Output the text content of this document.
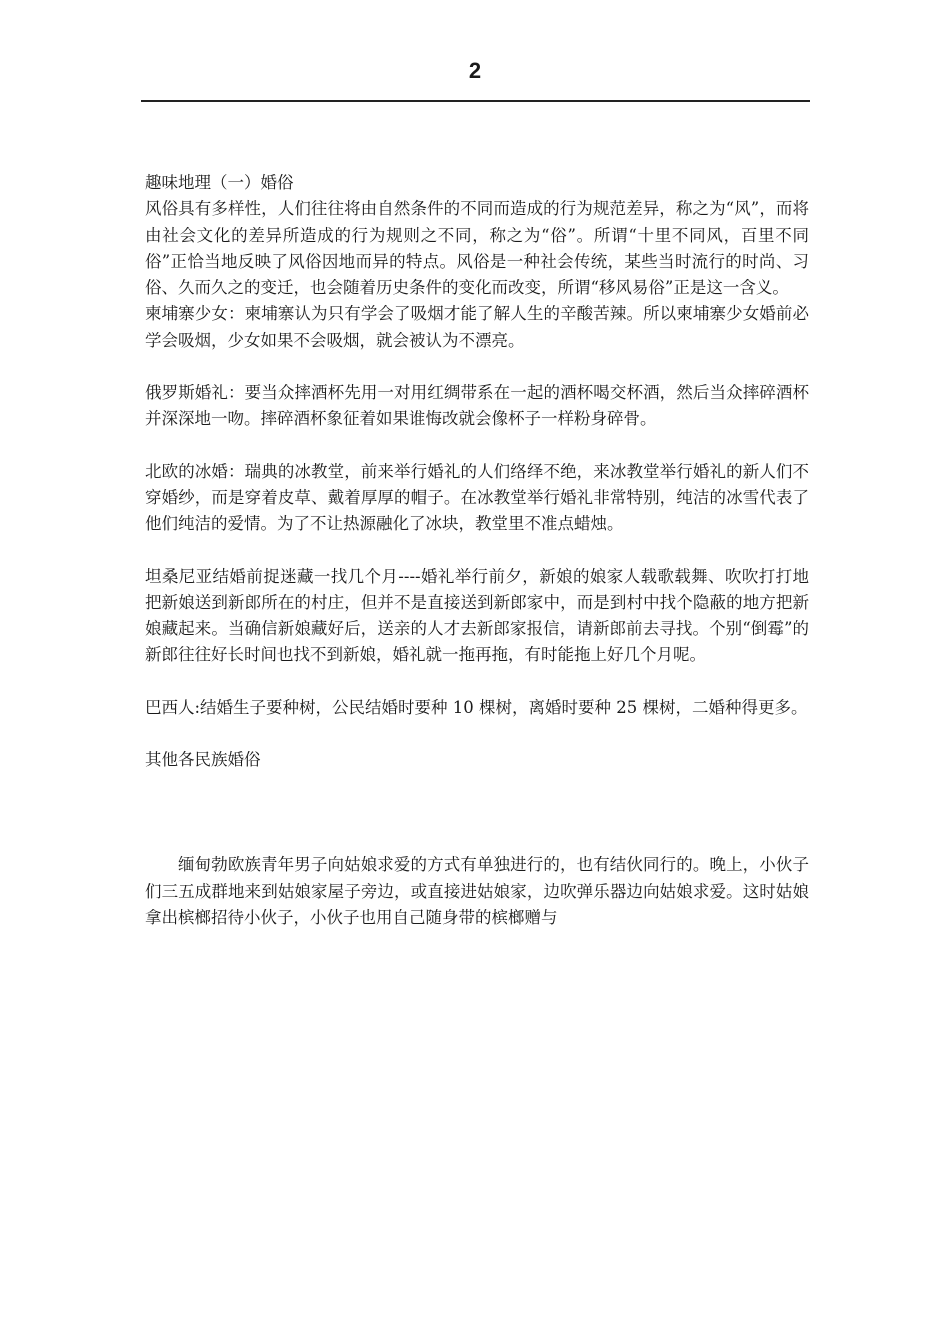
2

趣味地理（一）婚俗

风俗具有多样性，人们往往将由自然条件的不同而造成的行为规范差异，称之为“风”，而将由社会文化的差异所造成的行为规则之不同，称之为“俗”。所谓“十里不同风，百里不同俗”正恰当地反映了风俗因地而异的特点。风俗是一种社会传统，某些当时流行的时尚、习俗、久而久之的变迁，也会随着历史条件的变化而改变，所谓“移风易俗”正是这一含义。

柬埔寨少女：柬埔寨认为只有学会了吸烟才能了解人生的辛酸苦辣。所以柬埔寨少女婚前必学会吸烟，少女如果不会吸烟，就会被认为不漂亮。

俄罗斯婚礼：要当众摔酒杯先用一对用红绸带系在一起的酒杯喝交杯酒，然后当众摔碎酒杯并深深地一吻。摔碎酒杯象征着如果谁悔改就会像杯子一样粉身碎骨。

北欧的冰婚：瑞典的冰教堂，前来举行婚礼的人们络绎不绝，来冰教堂举行婚礼的新人们不穿婚纱，而是穿着皮草、戴着厚厚的帽子。在冰教堂举行婚礼非常特别，纯洁的冰雪代表了他们纯洁的爱情。为了不让热源融化了冰块，教堂里不准点蜡烛。

坦桑尼亚结婚前捉迷藏一找几个月----婚礼举行前夕，新娘的娘家人载歌载舞、吹吹打打地把新娘送到新郎所在的村庄，但并不是直接送到新郎家中，而是到村中找个隐蔽的地方把新娘藏起来。当确信新娘藏好后，送亲的人才去新郎家报信，请新郎前去寻找。个别“倒霉”的新郎往往好长时间也找不到新娘，婚礼就一拖再拖，有时能拖上好几个月呢。

巴西人:结婚生子要种树，公民结婚时要种 10 棵树，离婚时要种 25 棵树，二婚种得更多。

其他各民族婚俗

缅甸勃欧族青年男子向姑娘求爱的方式有单独进行的，也有结伙同行的。晚上，小伙子们三五成群地来到姑娘家屋子旁边，或直接进姑娘家，边吹弹乐器边向姑娘求爱。这时姑娘拿出槟榔招待小伙子，小伙子也用自己随身带的槟榔赠与
